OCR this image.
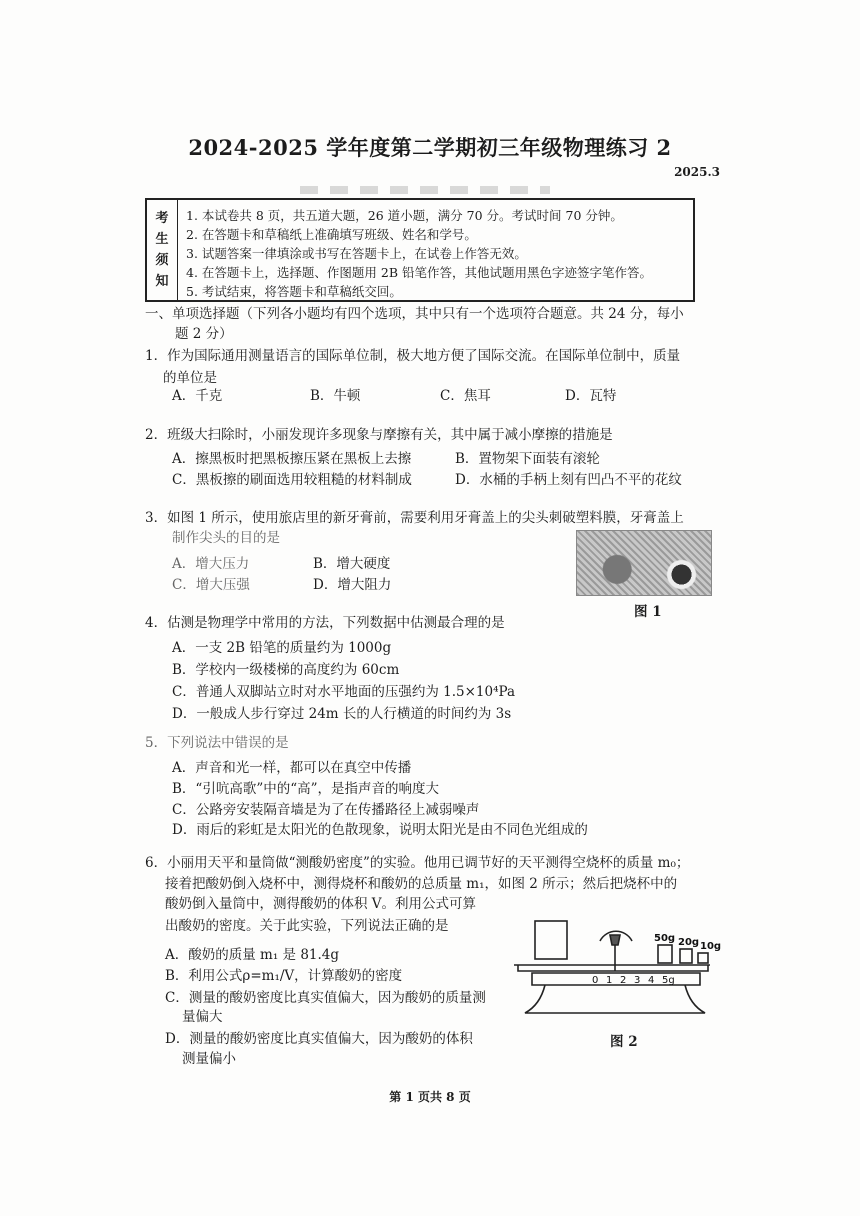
2024-2025 学年度第二学期初三年级物理练习 2
2025.3
考
生
须
知
1. 本试卷共 8 页，共五道大题，26 道小题，满分 70 分。考试时间 70 分钟。
2. 在答题卡和草稿纸上准确填写班级、姓名和学号。
3. 试题答案一律填涂或书写在答题卡上，在试卷上作答无效。
4. 在答题卡上，选择题、作图题用 2B 铅笔作答，其他试题用黑色字迹签字笔作答。
5. 考试结束，将答题卡和草稿纸交回。
一、单项选择题（下列各小题均有四个选项，其中只有一个选项符合题意。共 24 分，每小
题 2 分）
1．作为国际通用测量语言的国际单位制，极大地方便了国际交流。在国际单位制中，质量
的单位是
A．千克	B．牛顿	C．焦耳	D．瓦特
2．班级大扫除时，小丽发现许多现象与摩擦有关，其中属于减小摩擦的措施是
A．擦黑板时把黑板擦压紧在黑板上去擦	B．置物架下面装有滚轮
C．黑板擦的刷面选用较粗糙的材料制成	D．水桶的手柄上刻有凹凸不平的花纹
3．如图 1 所示，使用旅店里的新牙膏前，需要利用牙膏盖上的尖头刺破塑料膜，牙膏盖上
制作尖头的目的是
A．增大压力	B．增大硬度
C．增大压强	D．增大阻力
图 1
4．估测是物理学中常用的方法，下列数据中估测最合理的是
A．一支 2B 铅笔的质量约为 1000g
B．学校内一级楼梯的高度约为 60cm
C．普通人双脚站立时对水平地面的压强约为 1.5×10⁴Pa
D．一般成人步行穿过 24m 长的人行横道的时间约为 3s
5．下列说法中错误的是
A．声音和光一样，都可以在真空中传播
B．“引吭高歌”中的“高”，是指声音的响度大
C．公路旁安装隔音墙是为了在传播路径上减弱噪声
D．雨后的彩虹是太阳光的色散现象，说明太阳光是由不同色光组成的
6．小丽用天平和量筒做“测酸奶密度”的实验。他用已调节好的天平测得空烧杯的质量 m₀；
接着把酸奶倒入烧杯中，测得烧杯和酸奶的总质量 m₁，如图 2 所示；然后把烧杯中的
酸奶倒入量筒中，测得酸奶的体积 V。利用公式可算
出酸奶的密度。关于此实验，下列说法正确的是
A．酸奶的质量 m₁ 是 81.4g
B．利用公式ρ=m₁/V，计算酸奶的密度
C．测量的酸奶密度比真实值偏大，因为酸奶的质量测
量偏大
D．测量的酸奶密度比真实值偏大，因为酸奶的体积
测量偏小
50g 20g 10g
0 1 2 3 4 5g
图 2
第 1 页共 8 页
